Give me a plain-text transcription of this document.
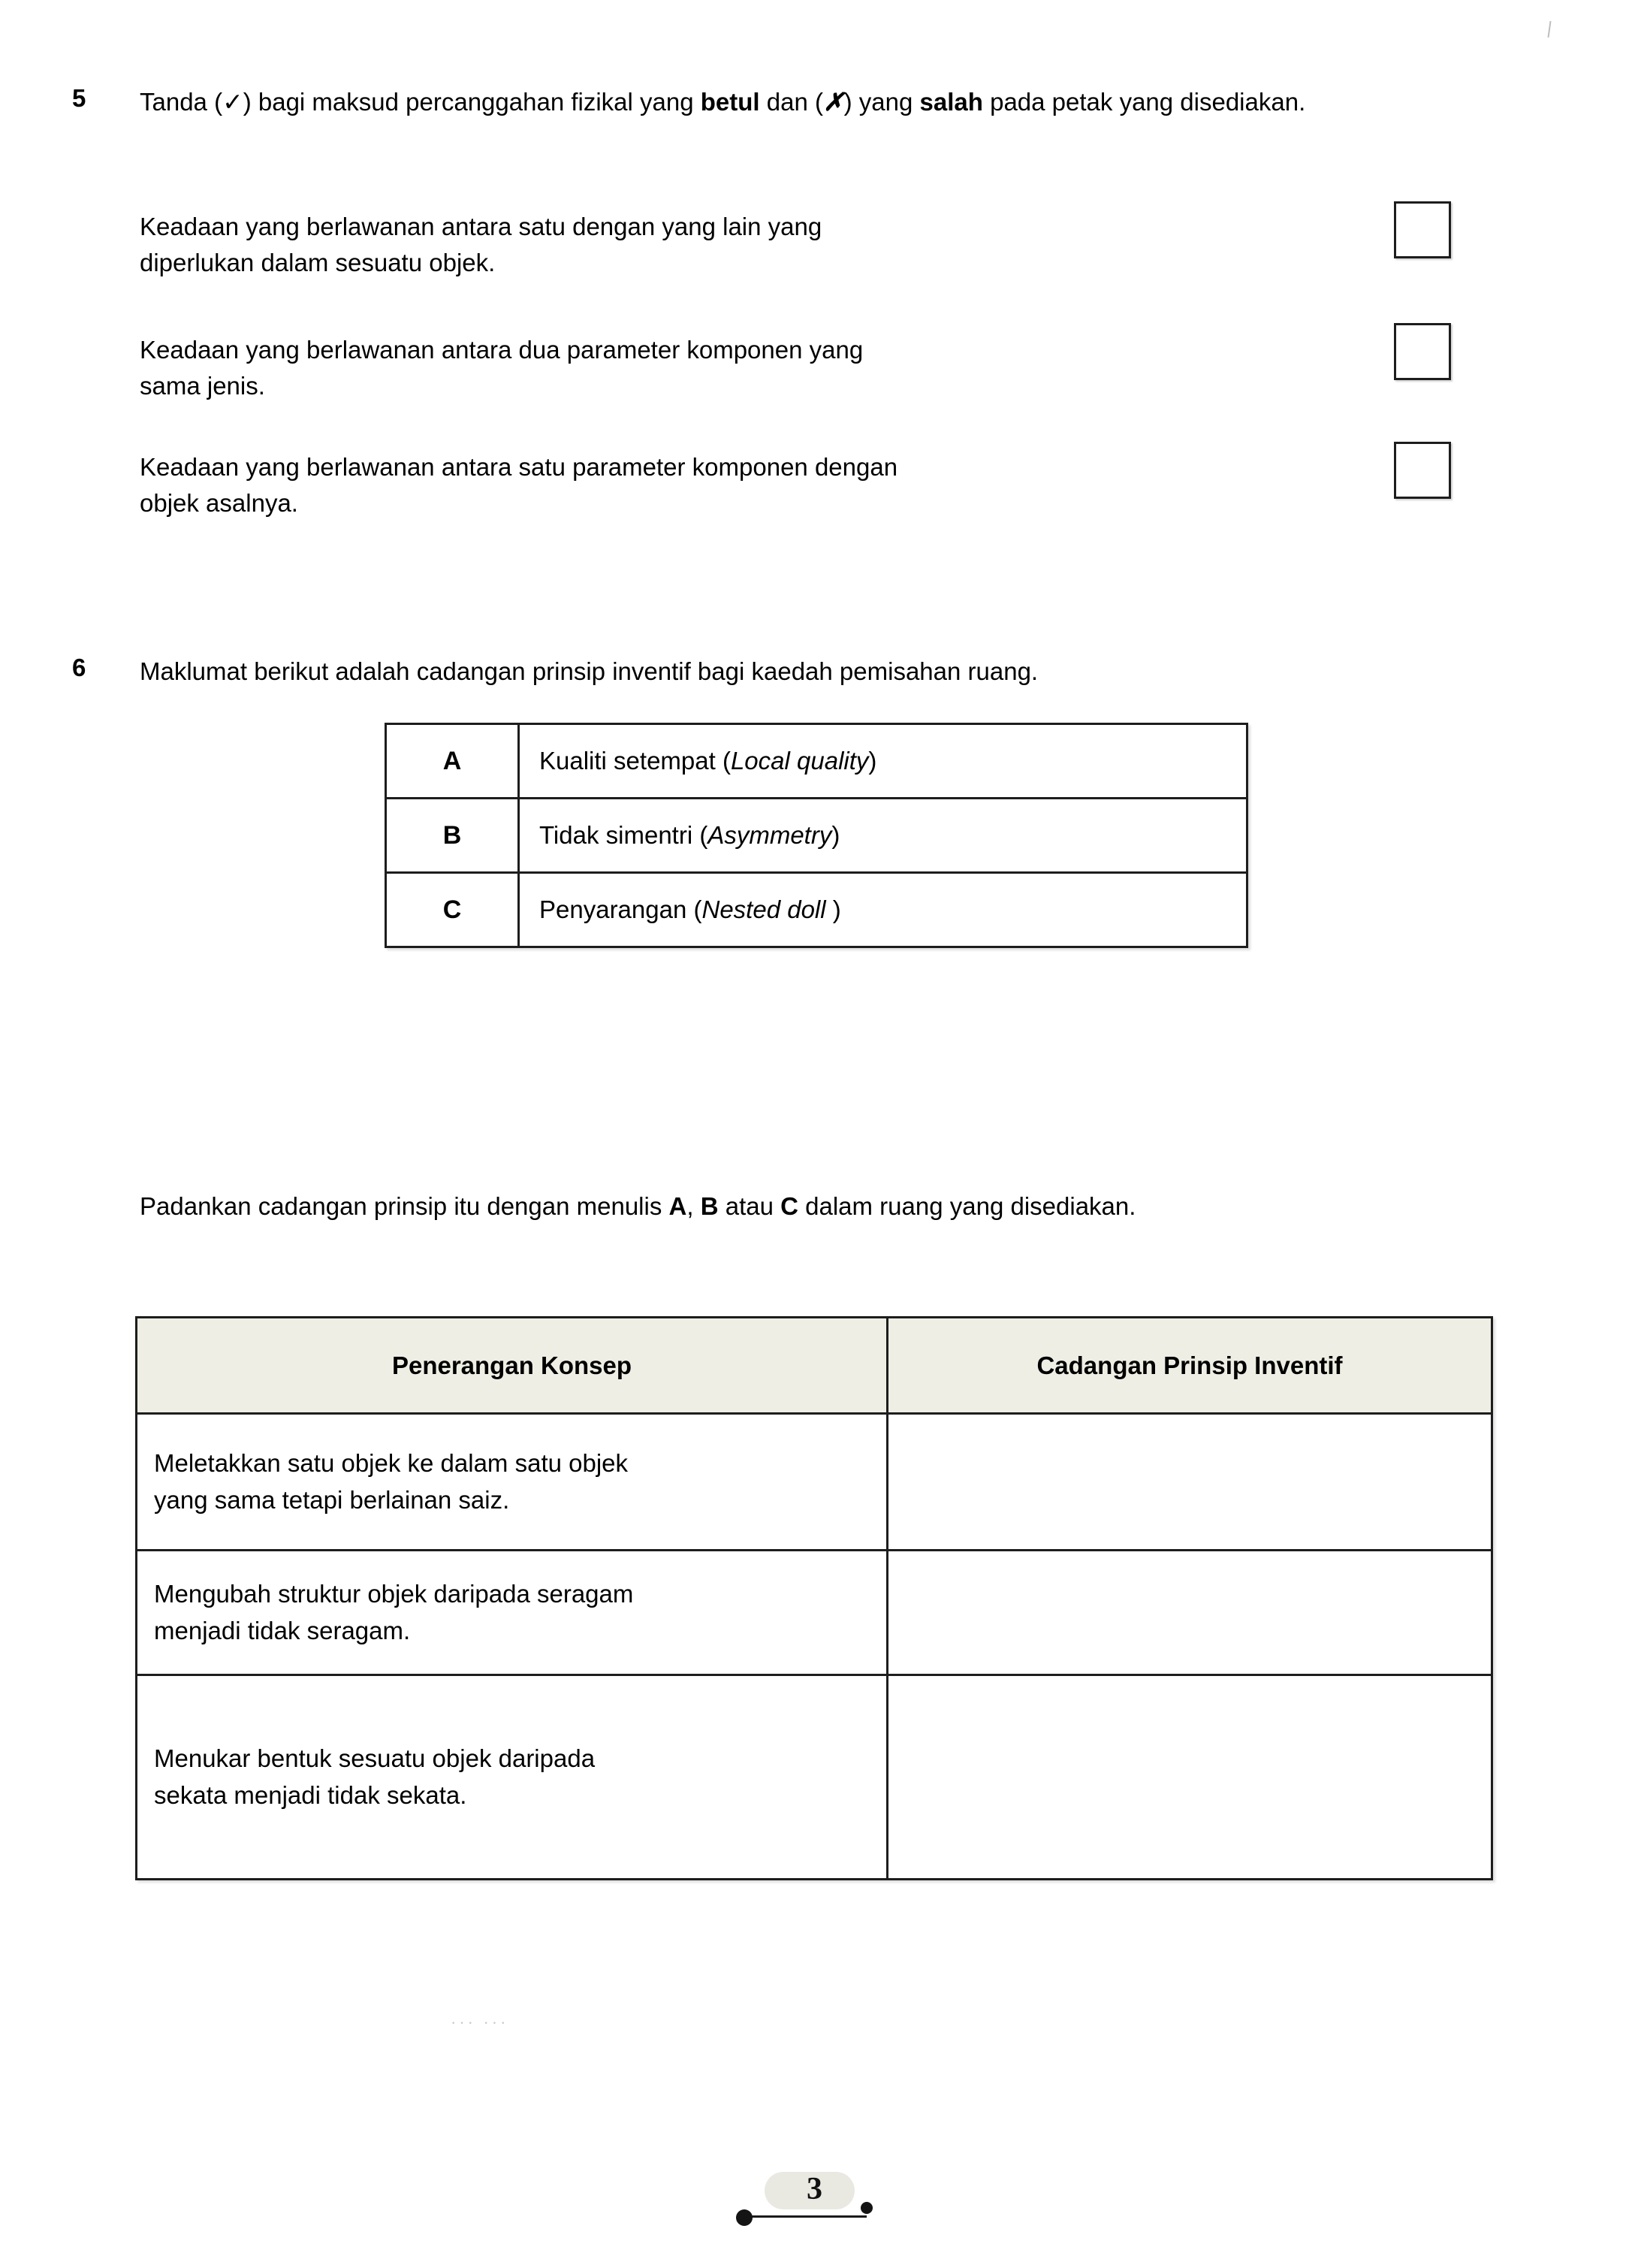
5 Tanda (✓) bagi maksud percanggahan fizikal yang betul dan (✗) yang salah pada petak yang disediakan.
Keadaan yang berlawanan antara satu dengan yang lain yang
diperlukan dalam sesuatu objek.
Keadaan yang berlawanan antara dua parameter komponen yang
sama jenis.
Keadaan yang berlawanan antara satu parameter komponen dengan
objek asalnya.
6 Maklumat berikut adalah cadangan prinsip inventif bagi kaedah pemisahan ruang.
A	Kualiti setempat (Local quality)
B	Tidak simentri (Asymmetry)
C	Penyarangan (Nested doll )
Padankan cadangan prinsip itu dengan menulis A, B atau C dalam ruang yang disediakan.
Penerangan Konsep	Cadangan Prinsip Inventif

Meletakkan satu objek ke dalam satu objek
yang sama tetapi berlainan saiz.	

Mengubah struktur objek daripada seragam
menjadi tidak seragam.	

Menukar bentuk sesuatu objek daripada
sekata menjadi tidak sekata.	

··· ···
3
